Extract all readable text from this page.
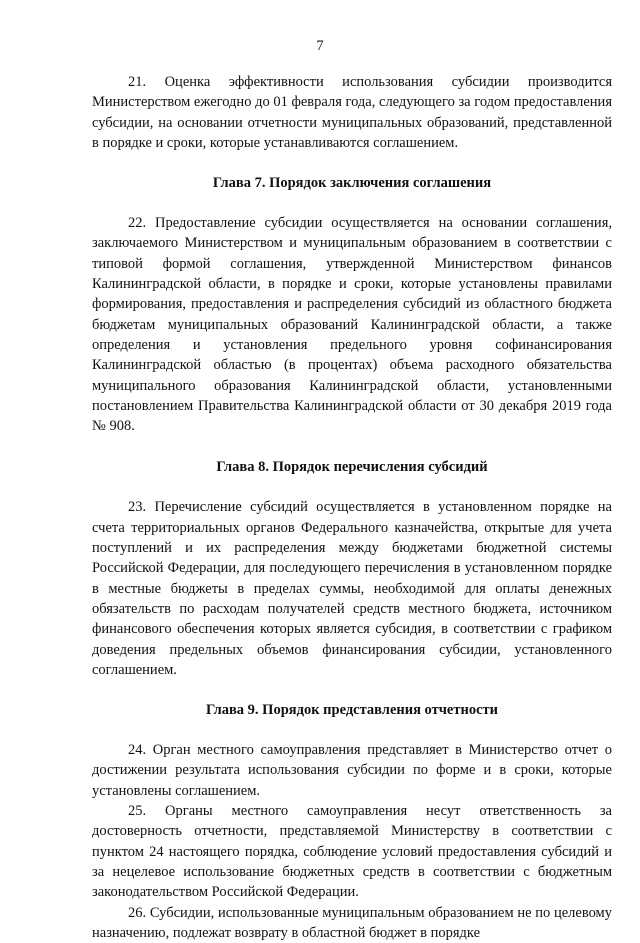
7

21. Оценка эффективности использования субсидии производится Министерством ежегодно до 01 февраля года, следующего за годом предоставления субсидии, на основании отчетности муниципальных образований, представленной в порядке и сроки, которые устанавливаются соглашением.

Глава 7. Порядок заключения соглашения

22. Предоставление субсидии осуществляется на основании соглашения, заключаемого Министерством и муниципальным образованием в соответствии с типовой формой соглашения, утвержденной Министерством финансов Калининградской области, в порядке и сроки, которые установлены правилами формирования, предоставления и распределения субсидий из областного бюджета бюджетам муниципальных образований Калининградской области, а также определения и установления предельного уровня софинансирования Калининградской областью (в процентах) объема расходного обязательства муниципального образования Калининградской области, установленными постановлением Правительства Калининградской области от 30 декабря 2019 года № 908.

Глава 8. Порядок перечисления субсидий

23. Перечисление субсидий осуществляется в установленном порядке на счета территориальных органов Федерального казначейства, открытые для учета поступлений и их распределения между бюджетами бюджетной системы Российской Федерации, для последующего перечисления в установленном порядке в местные бюджеты в пределах суммы, необходимой для оплаты денежных обязательств по расходам получателей средств местного бюджета, источником финансового обеспечения которых является субсидия, в соответствии с графиком доведения предельных объемов финансирования субсидии, установленного соглашением.

Глава 9. Порядок представления отчетности

24. Орган местного самоуправления представляет в Министерство отчет о достижении результата использования субсидии по форме и в сроки, которые установлены соглашением.

25. Органы местного самоуправления несут ответственность за достоверность отчетности, представляемой Министерству в соответствии с пунктом 24 настоящего порядка, соблюдение условий предоставления субсидий и за нецелевое использование бюджетных средств в соответствии с бюджетным законодательством Российской Федерации.

26. Субсидии, использованные муниципальным образованием не по целевому назначению, подлежат возврату в областной бюджет в порядке
